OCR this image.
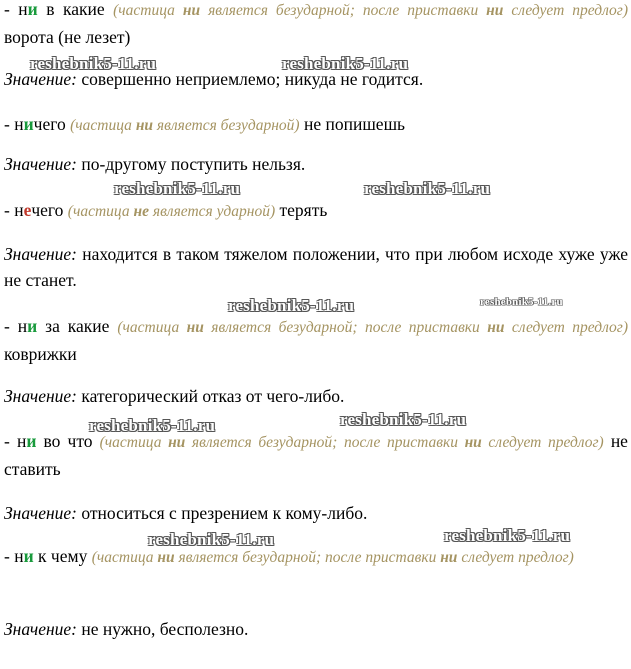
- ни в какие (частица ни является безударной; после приставки ни следует предлог) ворота (не лезет)
Значение: совершенно неприемлемо; никуда не годится.
- ничего (частица ни является безударной) не попишешь
Значение: по-другому поступить нельзя.
- нечего (частица не является ударной) терять
Значение: находится в таком тяжелом положении, что при любом исходе хуже уже не станет.
- ни за какие (частица ни является безударной; после приставки ни следует предлог) коврижки
Значение: категорический отказ от чего-либо.
- ни во что (частица ни является безударной; после приставки ни следует предлог) не ставить
Значение: относиться с презрением к кому-либо.
- ни к чему (частица ни является безударной; после приставки ни следует предлог)
Значение: не нужно, бесполезно.
reshebnik5-11.ru	reshebnik5-11.ru
reshebnik5-11.ru	reshebnik5-11.ru
reshebnik5-11.ru	reshebnik5-11.ru
reshebnik5-11.ru	reshebnik5-11.ru
reshebnik5-11.ru	reshebnik5-11.ru
